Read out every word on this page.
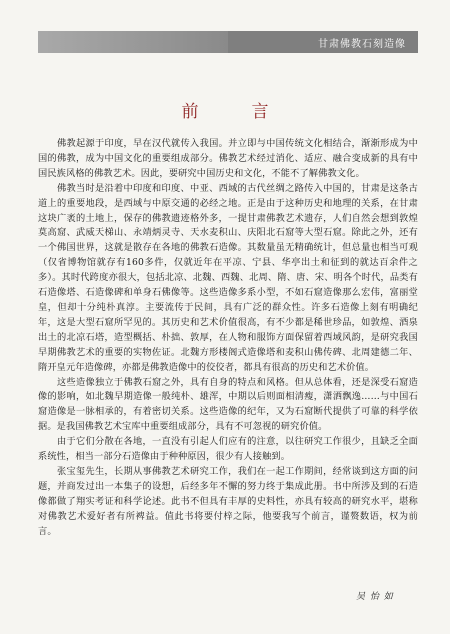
甘肃佛教石刻造像
前　言

佛教起源于印度，早在汉代就传入我国。并立即与中国传统文化相结合，渐渐形成为中国的佛教，成为中国文化的重要组成部分。佛教艺术经过消化、适应、融合变成新的具有中国民族风格的佛教艺术。因此，要研究中国历史和文化，不能不了解佛教文化。

佛教当时是沿着中印度和印度、中亚、西域的古代丝绸之路传入中国的，甘肃是这条古道上的重要地段，是西域与中原交通的必经之地。正是由于这种历史和地理的关系，在甘肃这块广袤的土地上，保存的佛教遗迹格外多，一提甘肃佛教艺术遗存，人们自然会想到敦煌莫高窟、武威天梯山、永靖炳灵寺、天水麦积山、庆阳北石窟等大型石窟。除此之外，还有一个佛国世界，这就是散存在各地的佛教石造像。其数量虽无精确统计，但总量也相当可观（仅省博物馆就存有160多件，仅就近年在平凉、宁县、华亭出土和征到的就达百余件之多）。其时代跨度亦很大，包括北凉、北魏、西魏、北周、隋、唐、宋、明各个时代，品类有石造像塔、石造像碑和单身石佛像等。这些造像多系小型，不如石窟造像那么宏伟，富丽堂皇，但却十分纯朴真淳。主要流传于民间，具有广泛的群众性。许多石造像上刻有明确纪年，这是大型石窟所罕见的。其历史和艺术价值很高，有不少都是稀世珍品，如敦煌、酒泉出土的北凉石塔，造型概括、朴拙、敦厚，在人物和服饰方面保留着西域风韵，是研究我国早期佛教艺术的重要的实物佐证。北魏方形楼阁式造像塔和麦积山佛传碑、北周建德二年、隋开皇元年造像碑，亦都是佛教造像中的佼佼者，都具有很高的历史和艺术价值。

这些造像独立于佛教石窟之外，具有自身的特点和风格。但从总体看，还是深受石窟造像的影响，如北魏早期造像一般纯朴、雄浑，中期以后则面相清瘦，潇洒飘逸……与中国石窟造像是一脉相承的，有着密切关系。这些造像的纪年，又为石窟断代提供了可靠的科学依据。是我国佛教艺术宝库中重要组成部分，具有不可忽视的研究价值。

由于它们分散在各地，一直没有引起人们应有的注意，以往研究工作很少，且缺乏全面系统性，相当一部分石造像由于种种原因，很少有人接触到。

张宝玺先生，长期从事佛教艺术研究工作，我们在一起工作期间，经常谈到这方面的问题，并商发过出一本集子的设想，后经多年不懈的努力终于集成此册。书中所涉及到的石造像都做了翔实考证和科学论述。此书不但具有丰厚的史料性，亦具有较高的研究水平，堪称对佛教艺术爱好者有所裨益。值此书将要付梓之际，他要我写个前言，谨赘数语，权为前言。

吴 怡 如
